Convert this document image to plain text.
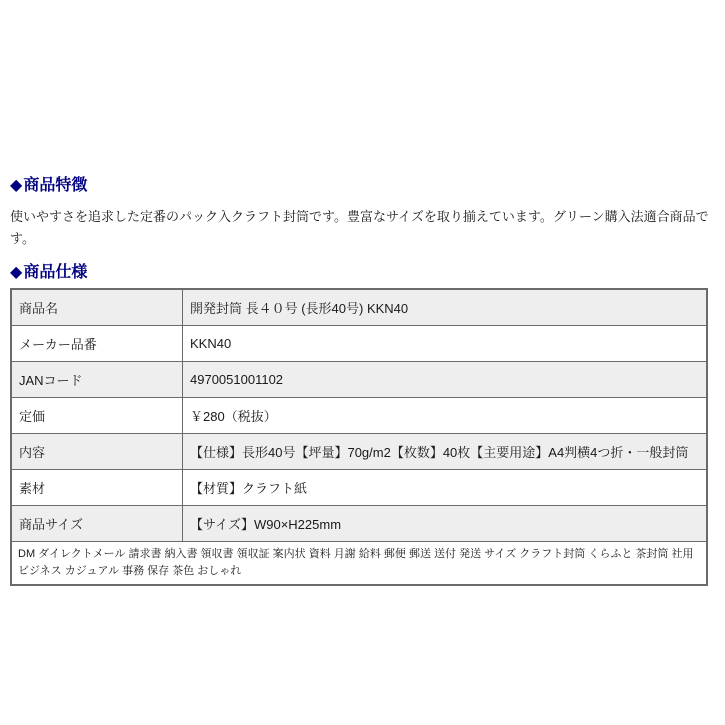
◆商品特徴

使いやすさを追求した定番のパック入クラフト封筒です。豊富なサイズを取り揃えています。グリーン購入法適合商品です。

◆商品仕様
商品名	開発封筒 長４０号 (長形40号) KKN40
メーカー品番	KKN40
JANコード	4970051001102
定価	￥280（税抜）
内容	【仕様】長形40号【坪量】70g/m2【枚数】40枚【主要用途】A4判横4つ折・一般封筒
素材	【材質】クラフト紙
商品サイズ	【サイズ】W90×H225mm
DM ダイレクトメール 請求書 納入書 領収書 領収証 案内状 資料 月謝 給料 郵便 郵送 送付 発送 サイズ クラフト封筒 くらふと 茶封筒 社用 ビジネス カジュアル 事務 保存 茶色 おしゃれ	
